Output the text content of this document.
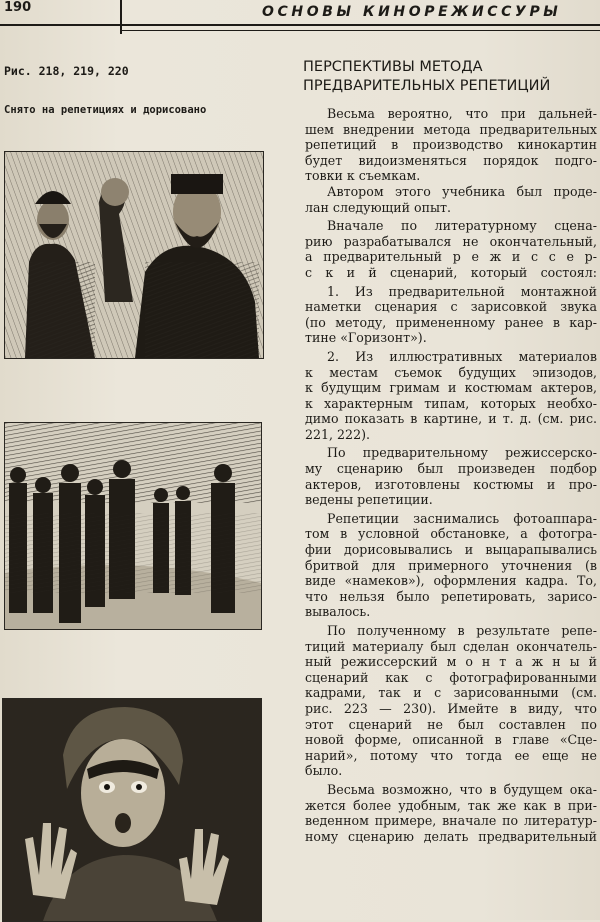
190	ОСНОВЫ КИНОРЕЖИССУРЫ
Рис. 218, 219, 220
Снято на репетициях и дорисовано
ПЕРСПЕКТИВЫ МЕТОДА
ПРЕДВАРИТЕЛЬНЫХ РЕПЕТИЦИЙ
Весьма вероятно, что при дальней-
шем внедрении метода предварительных
репетиций в производство кинокартин
будет видоизменяться порядок подго-
товки к съемкам.
Автором этого учебника был проде-
лан следующий опыт.
Вначале по литературному сцена-
рию разрабатывался не окончательный,
а предварительный р е ж и с с е р-
с к и й сценарий, который состоял:
1. Из предварительной монтажной
наметки сценария с зарисовкой звука
(по методу, примененному ранее в кар-
тине «Горизонт»).
2. Из иллюстративных материалов
к местам съемок будущих эпизодов,
к будущим гримам и костюмам актеров,
к характерным типам, которых необхо-
димо показать в картине, и т. д. (см. рис.
221, 222).
По предварительному режиссерско-
му сценарию был произведен подбор
актеров, изготовлены костюмы и про-
ведены репетиции.
Репетиции заснимались фотоаппара-
том в условной обстановке, а фотогра-
фии дорисовывались и выцарапывались
бритвой для примерного уточнения (в
виде «намеков»), оформления кадра. То,
что нельзя было репетировать, зарисо-
вывалось.
По полученному в результате репе-
тиций материалу был сделан окончатель-
ный режиссерский м о н т а ж н ы й
сценарий как с фотографированными
кадрами, так и с зарисованными (см.
рис. 223 — 230). Имейте в виду, что
этот сценарий не был составлен по
новой форме, описанной в главе «Сце-
нарий», потому что тогда ее еще не
было.
Весьма возможно, что в будущем ока-
жется более удобным, так же как в при-
веденном примере, вначале по литератур-
ному сценарию делать предварительный
